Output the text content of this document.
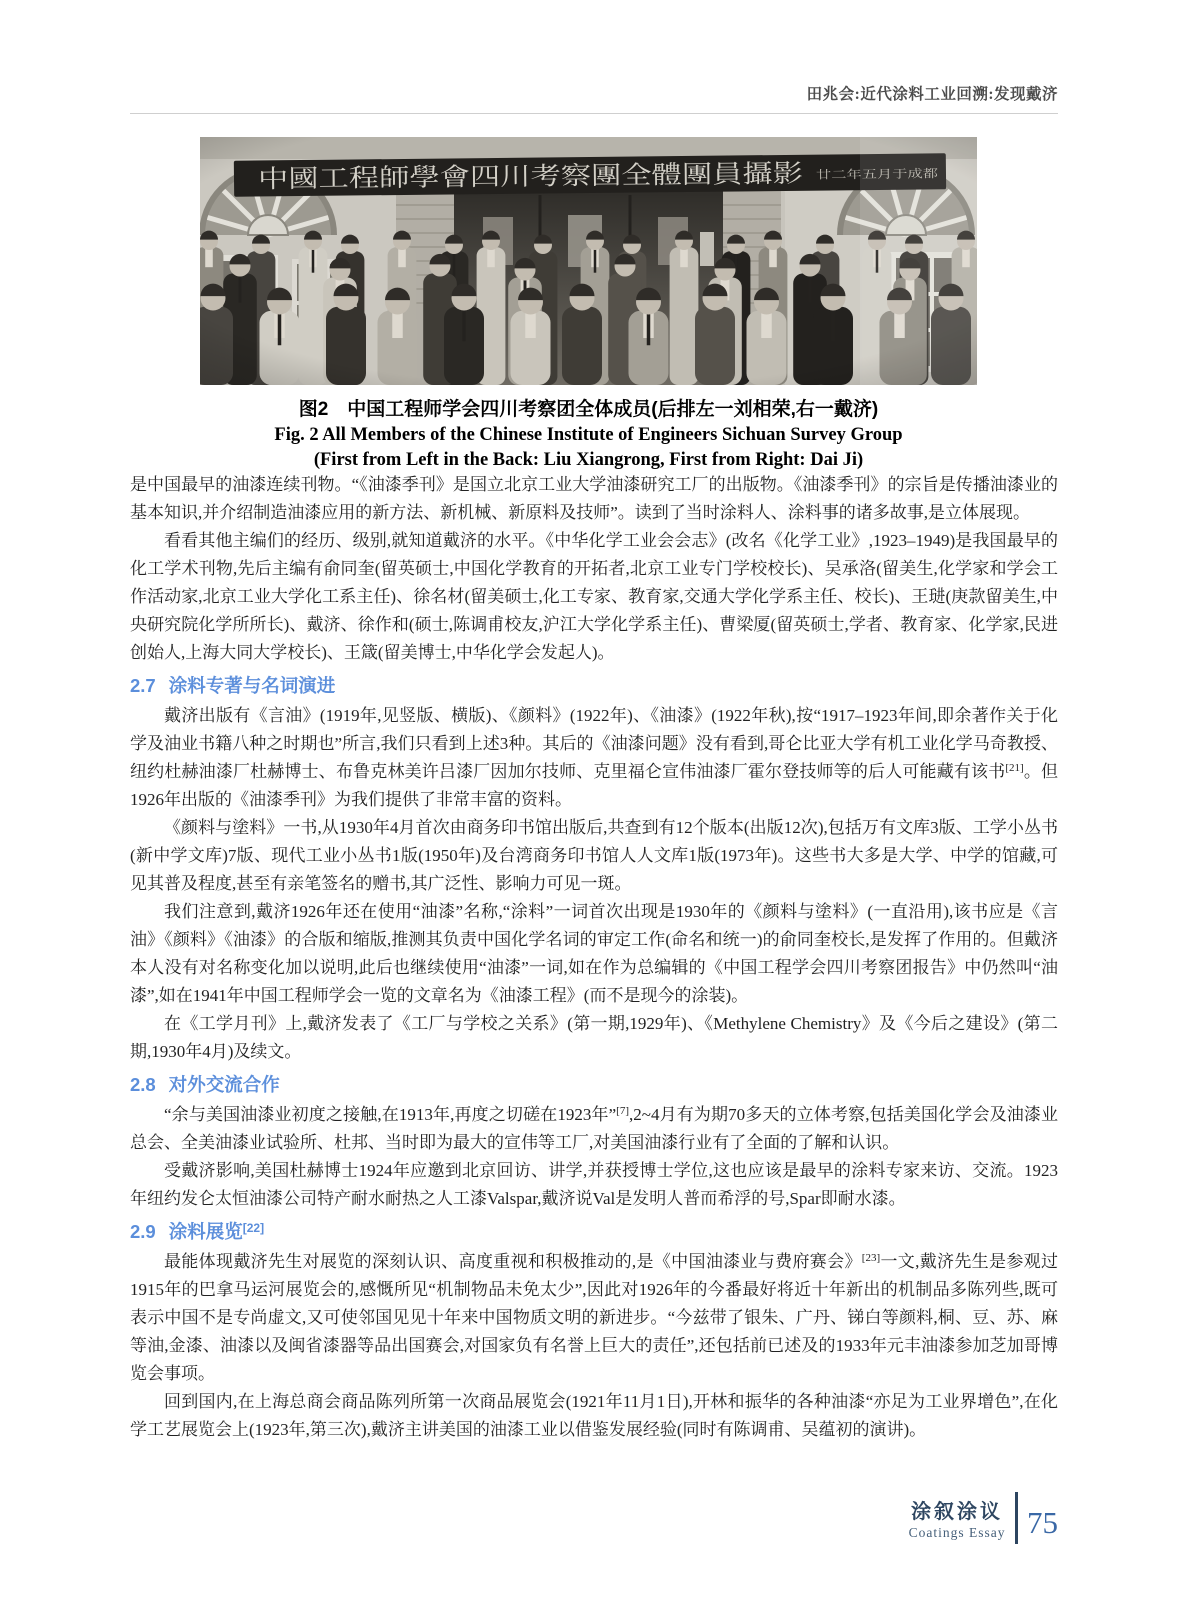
田兆会:近代涂料工业回溯:发现戴济
图2　中国工程师学会四川考察团全体成员(后排左一刘相荣,右一戴济)
Fig. 2 All Members of the Chinese Institute of Engineers Sichuan Survey Group
(First from Left in the Back: Liu Xiangrong, First from Right: Dai Ji)

是中国最早的油漆连续刊物。“《油漆季刊》是国立北京工业大学油漆研究工厂的出版物。《油漆季刊》的宗旨是传播油漆业的基本知识,并介绍制造油漆应用的新方法、新机械、新原料及技师”。读到了当时涂料人、涂料事的诸多故事,是立体展现。

看看其他主编们的经历、级别,就知道戴济的水平。《中华化学工业会会志》(改名《化学工业》,1923–1949)是我国最早的化工学术刊物,先后主编有俞同奎(留英硕士,中国化学教育的开拓者,北京工业专门学校校长)、吴承洛(留美生,化学家和学会工作活动家,北京工业大学化工系主任)、徐名材(留美硕士,化工专家、教育家,交通大学化学系主任、校长)、王琎(庚款留美生,中央研究院化学所所长)、戴济、徐作和(硕士,陈调甫校友,沪江大学化学系主任)、曹梁厦(留英硕士,学者、教育家、化学家,民进创始人,上海大同大学校长)、王箴(留美博士,中华化学会发起人)。

2.7 涂料专著与名词演进

戴济出版有《言油》(1919年,见竖版、横版)、《颜料》(1922年)、《油漆》(1922年秋),按“1917–1923年间,即余著作关于化学及油业书籍八种之时期也”所言,我们只看到上述3种。其后的《油漆问题》没有看到,哥仑比亚大学有机工业化学马奇教授、纽约杜赫油漆厂杜赫博士、布鲁克林美许吕漆厂因加尔技师、克里福仑宣伟油漆厂霍尔登技师等的后人可能藏有该书[21]。但1926年出版的《油漆季刊》为我们提供了非常丰富的资料。

《颜料与塗料》一书,从1930年4月首次由商务印书馆出版后,共查到有12个版本(出版12次),包括万有文库3版、工学小丛书(新中学文库)7版、现代工业小丛书1版(1950年)及台湾商务印书馆人人文库1版(1973年)。这些书大多是大学、中学的馆藏,可见其普及程度,甚至有亲笔签名的赠书,其广泛性、影响力可见一斑。

我们注意到,戴济1926年还在使用“油漆”名称,“涂料”一词首次出现是1930年的《颜料与塗料》(一直沿用),该书应是《言油》《颜料》《油漆》的合版和缩版,推测其负责中国化学名词的审定工作(命名和统一)的俞同奎校长,是发挥了作用的。但戴济本人没有对名称变化加以说明,此后也继续使用“油漆”一词,如在作为总编辑的《中国工程学会四川考察团报告》中仍然叫“油漆”,如在1941年中国工程师学会一览的文章名为《油漆工程》(而不是现今的涂装)。

在《工学月刊》上,戴济发表了《工厂与学校之关系》(第一期,1929年)、《Methylene Chemistry》及《今后之建设》(第二期,1930年4月)及续文。

2.8 对外交流合作

“余与美国油漆业初度之接触,在1913年,再度之切磋在1923年”[7],2~4月有为期70多天的立体考察,包括美国化学会及油漆业总会、全美油漆业试验所、杜邦、当时即为最大的宣伟等工厂,对美国油漆行业有了全面的了解和认识。

受戴济影响,美国杜赫博士1924年应邀到北京回访、讲学,并获授博士学位,这也应该是最早的涂料专家来访、交流。1923年纽约发仑太恒油漆公司特产耐水耐热之人工漆Valspar,戴济说Val是发明人普而希浮的号,Spar即耐水漆。

2.9 涂料展览[22]

最能体现戴济先生对展览的深刻认识、高度重视和积极推动的,是《中国油漆业与费府赛会》[23]一文,戴济先生是参观过1915年的巴拿马运河展览会的,感慨所见“机制物品未免太少”,因此对1926年的今番最好将近十年新出的机制品多陈列些,既可表示中国不是专尚虚文,又可使邻国见见十年来中国物质文明的新进步。“今兹带了银朱、广丹、锑白等颜料,桐、豆、苏、麻等油,金漆、油漆以及闽省漆器等品出国赛会,对国家负有名誉上巨大的责任”,还包括前已述及的1933年元丰油漆参加芝加哥博览会事项。

回到国内,在上海总商会商品陈列所第一次商品展览会(1921年11月1日),开林和振华的各种油漆“亦足为工业界增色”,在化学工艺展览会上(1923年,第三次),戴济主讲美国的油漆工业以借鉴发展经验(同时有陈调甫、吴蕴初的演讲)。

涂叙涂议
Coatings Essay 75
